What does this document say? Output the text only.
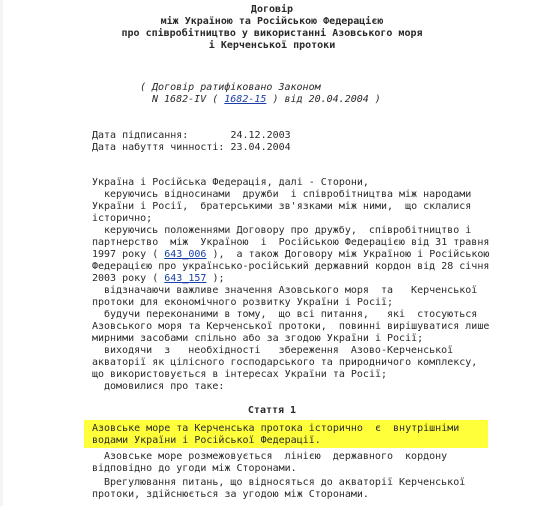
Договір
між Україною та Російською Федерацією
про співробітництво у використанні Азовського моря
і Керченської протоки
( Договір ратифіковано Законом
N 1682-IV ( 1682-15 ) від 20.04.2004 )
Дата підписання:       24.12.2003
Дата набуття чинності: 23.04.2004
Україна і Російська Федерація, далі - Сторони,
керуючись відносинами  дружби  і співробітництва між народами
України і Росії,  братерськими зв'язками між ними,  що склалися
історично;
керуючись положеннями Договору про дружбу,  співробітництво і
партнерство  між  Україною  і  Російською Федерацією від 31 травня
1997 року ( 643_006 ),  а також Договору між Україною і Російською
Федерацією про українсько-російський державний кордон від 28 січня
2003 року ( 643_157 );
відзначаючи важливе значення Азовського моря  та   Керченської
протоки для економічного розвитку України і Росії;
будучи переконаними в тому,  що всі питання,   які  стосуються
Азовського моря та Керченської протоки,  повинні вирішуватися лише
мирними засобами спільно або за згодою України і Росії;
виходячи  з   необхідності   збереження  Азово-Керченської
акваторії як цілісного господарського та природничого комплексу,
що використовується в інтересах України та Росії;
домовилися про таке:
Стаття 1
Азовське море та Керченська протока історично  є  внутрішніми
водами України і Російської Федерації.
Азовське море розмежовується  лінією  державного  кордону
відповідно до угоди між Сторонами.
Врегулювання питань, що відносяться до акваторії Керченської
протоки, здійснюється за угодою між Сторонами.
